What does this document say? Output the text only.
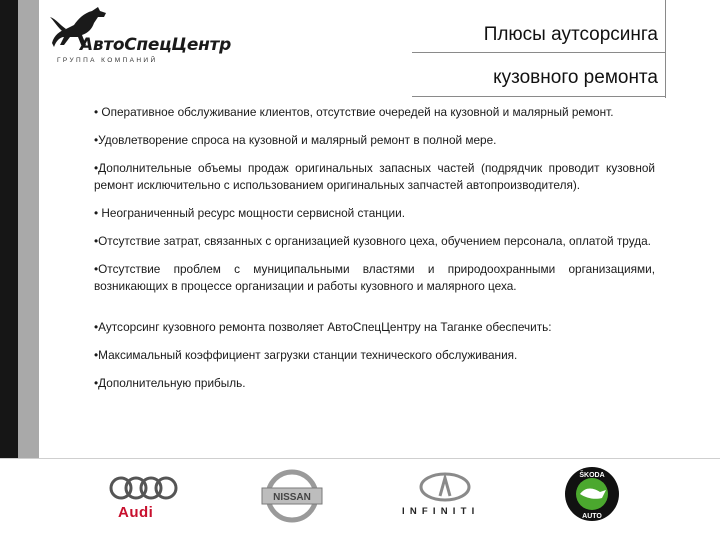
АвтоСпецЦентр
ГРУППА КОМПАНИЙ
Плюсы аутсорсинга
кузовного ремонта

• Оперативное обслуживание клиентов, отсутствие очередей на кузовной и малярный ремонт.

•Удовлетворение спроса на кузовной и малярный ремонт в полной мере.

•Дополнительные объемы продаж оригинальных запасных частей (подрядчик проводит кузовной ремонт исключительно с использованием оригинальных запчастей автопроизводителя).

• Неограниченный ресурс мощности сервисной станции.

•Отсутствие затрат, связанных с организацией кузовного цеха, обучением персонала, оплатой труда.

•Отсутствие проблем с муниципальными властями и природоохранными организациями, возникающих в процессе организации и работы кузовного и малярного цеха.

•Аутсорсинг кузовного ремонта позволяет АвтоСпецЦентру на Таганке обеспечить:

•Максимальный коэффициент загрузки станции технического обслуживания.

•Дополнительную прибыль.

Audi
NISSAN
INFINITI
ŠKODA
AUTO
